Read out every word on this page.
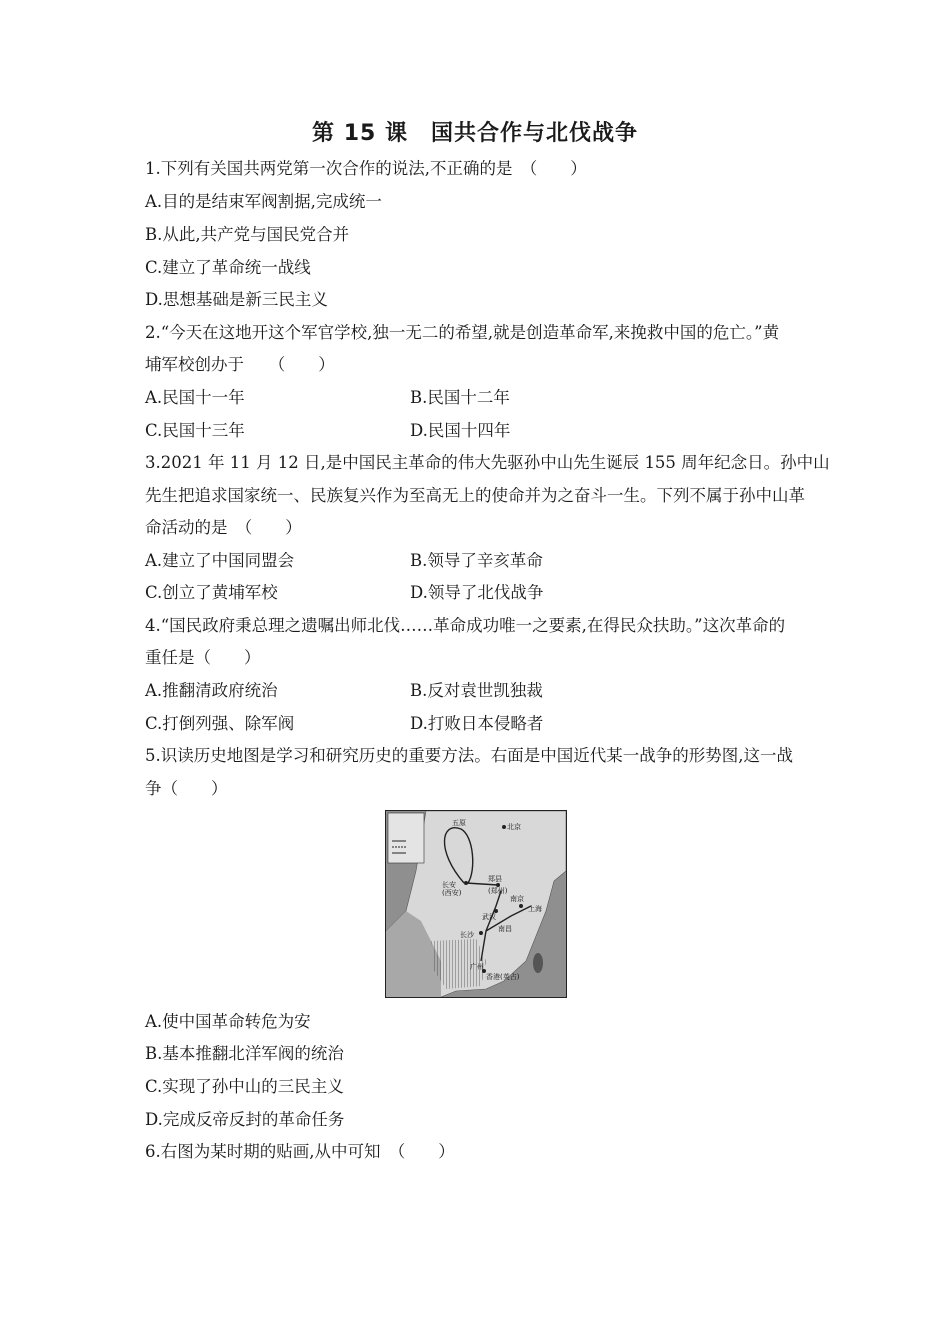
第 15 课　国共合作与北伐战争
1.下列有关国共两党第一次合作的说法,不正确的是　（　　）
A.目的是结束军阀割据,完成统一
B.从此,共产党与国民党合并
C.建立了革命统一战线
D.思想基础是新三民主义
2.“今天在这地开这个军官学校,独一无二的希望,就是创造革命军,来挽救中国的危亡。”黄
埔军校创办于　　（　　）
A.民国十一年	B.民国十二年
C.民国十三年	D.民国十四年
3.2021 年 11 月 12 日,是中国民主革命的伟大先驱孙中山先生诞辰 155 周年纪念日。孙中山
先生把追求国家统一、民族复兴作为至高无上的使命并为之奋斗一生。下列不属于孙中山革
命活动的是　（　　）
A.建立了中国同盟会	B.领导了辛亥革命
C.创立了黄埔军校	D.领导了北伐战争
4.“国民政府秉总理之遗嘱出师北伐……革命成功唯一之要素,在得民众扶助。”这次革命的
重任是（　　）
A.推翻清政府统治	B.反对袁世凯独裁
C.打倒列强、除军阀	D.打败日本侵略者
5.识读历史地图是学习和研究历史的重要方法。右面是中国近代某一战争的形势图,这一战
争（　　）
五原	北京
长安
(西安)
郑县
(郑州)
武汉
南京
上海
长沙
南昌
广州
香港(英占)
A.使中国革命转危为安
B.基本推翻北洋军阀的统治
C.实现了孙中山的三民主义
D.完成反帝反封的革命任务
6.右图为某时期的贴画,从中可知　（　　）
